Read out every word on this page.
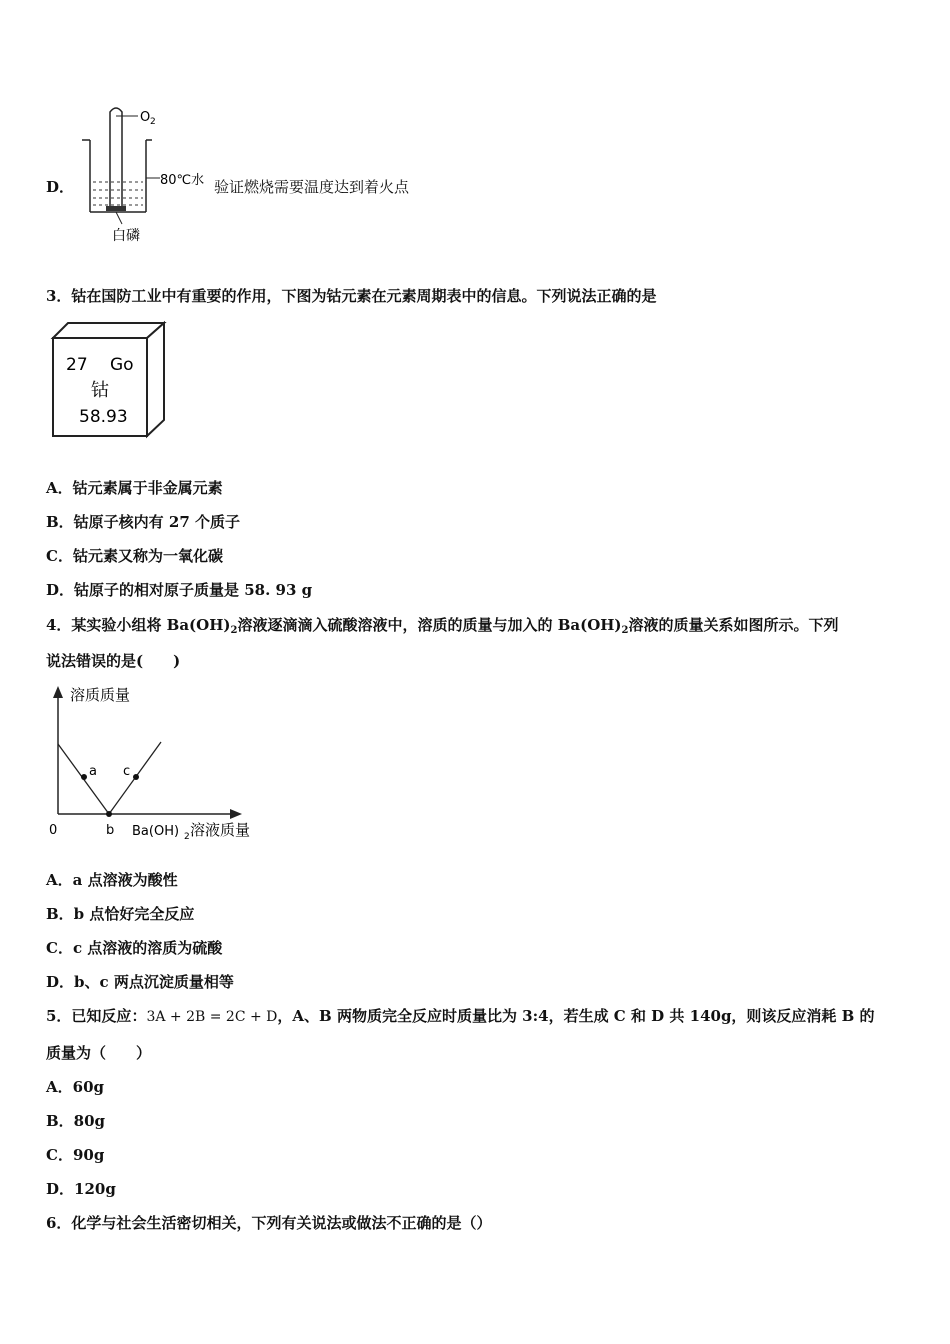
D．
O 2
80℃水
白磷
验证燃烧需要温度达到着火点
3．钴在国防工业中有重要的作用，下图为钴元素在元素周期表中的信息。下列说法正确的是
27 Go
钴
58.93
A．钴元素属于非金属元素
B．钴原子核内有 27 个质子
C．钴元素又称为一氧化碳
D．钴原子的相对原子质量是 58. 93 g
4．某实验小组将 $Ba(OH)_2$溶液逐滴滴入硫酸溶液中，溶质的质量与加入的 $Ba(OH)_2$溶液的质量关系如图所示。下列
说法错误的是(　　)
溶质质量
a
b
c
0	Ba(OH) 2 溶液质量
A．a 点溶液为酸性
B．b 点恰好完全反应
C．c 点溶液的溶质为硫酸
D．b、c 两点沉淀质量相等
5．已知反应：3A + 2B = 2C + D，A、B 两物质完全反应时质量比为 3:4，若生成 C 和 D 共 140g，则该反应消耗 B 的
质量为（　　）
A．60g
B．80g
C．90g
D．120g
6．化学与社会生活密切相关，下列有关说法或做法不正确的是（）
